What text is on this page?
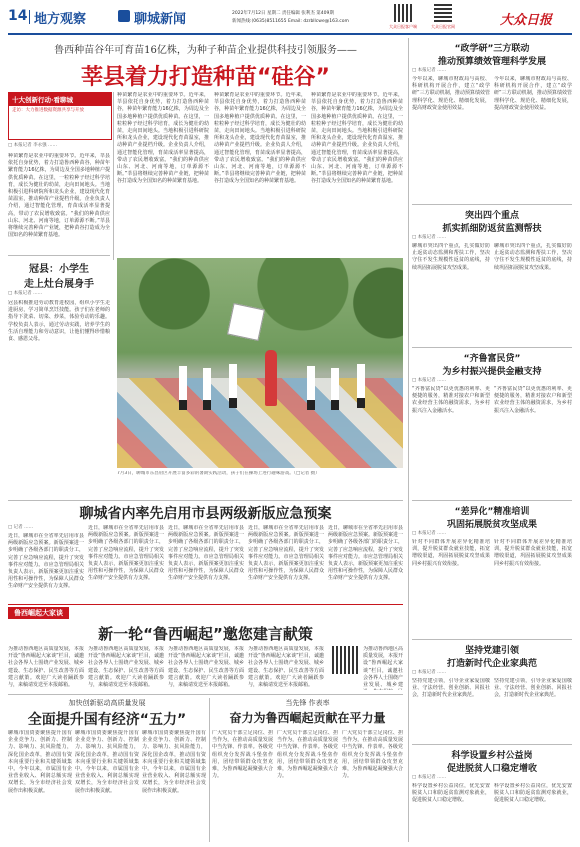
14 地方观察	聊城新闻	2022年7月12日 星期二 责任编辑 张利杰 第409期
新闻热线:(0635)8511655 Email: dzrbllcwe@163.com
大众日报客户端	大众日报官网	大众日报
鲁西种苗谷年可育苗16亿株，为种子种苗企业提供科技引领服务——
莘县着力打造种苗“硅谷”
十大创新行动·看聊城
走访：大力推进数据资源共享与开放
□ 本报记者 李永强 ……
种苗繁育是农业中的重要环节。近年来，莘县依托自身优势，着力打造鲁西种苗谷，种苗年繁育能力16亿株，为周边及全国多地种植户提供优质种苗。在这里，一粒粒种子经过科学培育，成长为健壮的幼苗，走向田间地头。当地积极引进科研院所和龙头企业，建设现代化育苗温室，推动种苗产业提档升级。企业负责人介绍，通过智能化管理，育苗成活率显著提高，带动了农民增收致富。“我们的种苗供应山东、河北、河南等地，订单源源不断。”莘县将继续完善种苗产业链，把种苗谷打造成为全国知名的种苗繁育基地。
种苗繁育是农业中的重要环节。近年来，莘县依托自身优势，着力打造鲁西种苗谷，种苗年繁育能力16亿株，为周边及全国多地种植户提供优质种苗。在这里，一粒粒种子经过科学培育，成长为健壮的幼苗，走向田间地头。当地积极引进科研院所和龙头企业，建设现代化育苗温室，推动种苗产业提档升级。企业负责人介绍，通过智能化管理，育苗成活率显著提高，带动了农民增收致富。“我们的种苗供应山东、河北、河南等地，订单源源不断。”莘县将继续完善种苗产业链，把种苗谷打造成为全国知名的种苗繁育基地。
种苗繁育是农业中的重要环节。近年来，莘县依托自身优势，着力打造鲁西种苗谷，种苗年繁育能力16亿株，为周边及全国多地种植户提供优质种苗。在这里，一粒粒种子经过科学培育，成长为健壮的幼苗，走向田间地头。当地积极引进科研院所和龙头企业，建设现代化育苗温室，推动种苗产业提档升级。企业负责人介绍，通过智能化管理，育苗成活率显著提高，带动了农民增收致富。“我们的种苗供应山东、河北、河南等地，订单源源不断。”莘县将继续完善种苗产业链，把种苗谷打造成为全国知名的种苗繁育基地。
种苗繁育是农业中的重要环节。近年来，莘县依托自身优势，着力打造鲁西种苗谷，种苗年繁育能力16亿株，为周边及全国多地种植户提供优质种苗。在这里，一粒粒种子经过科学培育，成长为健壮的幼苗，走向田间地头。当地积极引进科研院所和龙头企业，建设现代化育苗温室，推动种苗产业提档升级。企业负责人介绍，通过智能化管理，育苗成活率显著提高，带动了农民增收致富。“我们的种苗供应山东、河北、河南等地，订单源源不断。”莘县将继续完善种苗产业链，把种苗谷打造成为全国知名的种苗繁育基地。
冠县：小学生
走上灶台展身手
□ 本报记者 ……
冠县积极推进劳动教育进校园，组织小学生走进厨房，学习简单烹饪技能。孩子们在老师的指导下洗菜、切菜、炒菜，体验劳动的乐趣。学校负责人表示，通过劳动实践，培养学生的生活自理能力和劳动意识，让他们懂得珍惜粮食、感恩父母。
7月3日，聊城市东昌府区开展丰富多彩的暑期实践活动，孩子们在操场上进行趣味游戏。（□记者 摄）
聊城省内率先启用市县两级新版应急预案
□ 记者 ……
近日，聊城市在全省率先启用市县两级新版应急预案。新版预案进一步明确了各级各部门的职责分工，完善了应急响应流程，提升了突发事件应对能力。市应急管理局相关负责人表示，新版预案更加注重实用性和可操作性，为保障人民群众生命财产安全提供有力支撑。
近日，聊城市在全省率先启用市县两级新版应急预案。新版预案进一步明确了各级各部门的职责分工，完善了应急响应流程，提升了突发事件应对能力。市应急管理局相关负责人表示，新版预案更加注重实用性和可操作性，为保障人民群众生命财产安全提供有力支撑。
近日，聊城市在全省率先启用市县两级新版应急预案。新版预案进一步明确了各级各部门的职责分工，完善了应急响应流程，提升了突发事件应对能力。市应急管理局相关负责人表示，新版预案更加注重实用性和可操作性，为保障人民群众生命财产安全提供有力支撑。
近日，聊城市在全省率先启用市县两级新版应急预案。新版预案进一步明确了各级各部门的职责分工，完善了应急响应流程，提升了突发事件应对能力。市应急管理局相关负责人表示，新版预案更加注重实用性和可操作性，为保障人民群众生命财产安全提供有力支撑。
近日，聊城市在全省率先启用市县两级新版应急预案。新版预案进一步明确了各级各部门的职责分工，完善了应急响应流程，提升了突发事件应对能力。市应急管理局相关负责人表示，新版预案更加注重实用性和可操作性，为保障人民群众生命财产安全提供有力支撑。
鲁西崛起大家谈
新一轮“鲁西崛起”邀您建言献策
为推动鲁西地区高质量发展，本报开设“鲁西崛起大家谈”栏目，诚邀社会各界人士围绕产业发展、城乡建设、生态保护、民生改善等方面建言献策。欢迎广大读者踊跃参与，来稿请发送至本报邮箱。
为推动鲁西地区高质量发展，本报开设“鲁西崛起大家谈”栏目，诚邀社会各界人士围绕产业发展、城乡建设、生态保护、民生改善等方面建言献策。欢迎广大读者踊跃参与，来稿请发送至本报邮箱。
为推动鲁西地区高质量发展，本报开设“鲁西崛起大家谈”栏目，诚邀社会各界人士围绕产业发展、城乡建设、生态保护、民生改善等方面建言献策。欢迎广大读者踊跃参与，来稿请发送至本报邮箱。
为推动鲁西地区高质量发展，本报开设“鲁西崛起大家谈”栏目，诚邀社会各界人士围绕产业发展、城乡建设、生态保护、民生改善等方面建言献策。欢迎广大读者踊跃参与，来稿请发送至本报邮箱。
为推动鲁西地区高质量发展，本报开设“鲁西崛起大家谈”栏目，诚邀社会各界人士围绕产业发展、城乡建
加快创新驱动高质量发展
全面提升国有经济“五力”
聊城市国资委聚焦提升国有企业竞争力、创新力、控制力、影响力、抗风险能力，深化国企改革，推动国有资本向重要行业和关键领域集中。今年以来，市属国有企业营业收入、利润总额实现双增长，为全市经济社会发展作出积极贡献。
聊城市国资委聚焦提升国有企业竞争力、创新力、控制力、影响力、抗风险能力，深化国企改革，推动国有资本向重要行业和关键领域集中。今年以来，市属国有企业营业收入、利润总额实现双增长，为全市经济社会发展作出积极贡献。
聊城市国资委聚焦提升国有企业竞争力、创新力、控制力、影响力、抗风险能力，深化国企改革，推动国有资本向重要行业和关键领域集中。今年以来，市属国有企业营业收入、利润总额实现双增长，为全市经济社会发展作出积极贡献。
当先锋 作表率
奋力为鲁西崛起贡献在平力量
广大党员干部立足岗位、担当作为，在推动高质量发展中当先锋、作表率。各级党组织充分发挥战斗堡垒作用，团结带领群众攻坚克难，为鲁西崛起凝聚强大合力。
广大党员干部立足岗位、担当作为，在推动高质量发展中当先锋、作表率。各级党组织充分发挥战斗堡垒作用，团结带领群众攻坚克难，为鲁西崛起凝聚强大合力。
广大党员干部立足岗位、担当作为，在推动高质量发展中当先锋、作表率。各级党组织充分发挥战斗堡垒作用，团结带领群众攻坚克难，为鲁西崛起凝聚强大合力。
“政学研”三方联动
推动预算绩效管理科学发展
□ 本报记者 ……
今年以来，聊城市财政局与高校、科研机构开展合作，建立“政学研”三方联动机制，推动预算绩效管理科学化、规范化、精细化发展，提高财政资金使用效益。
今年以来，聊城市财政局与高校、科研机构开展合作，建立“政学研”三方联动机制，推动预算绩效管理科学化、规范化、精细化发展，提高财政资金使用效益。
突出四个重点
抓实抓细防返贫监测帮扶
□ 本报记者 ……
聊城市突出四个重点，扎实做好防止返贫动态监测和帮扶工作，坚决守住不发生规模性返贫的底线，持续巩固拓展脱贫攻坚成果。
聊城市突出四个重点，扎实做好防止返贫动态监测和帮扶工作，坚决守住不发生规模性返贫的底线，持续巩固拓展脱贫攻坚成果。
“齐鲁富民贷”
为乡村振兴提供金融支持
□ 本报记者 ……
“齐鲁富民贷”以更优惠的利率、更便捷的服务，精准对接农户和新型农业经营主体的融资需求，为乡村振兴注入金融活水。
“齐鲁富民贷”以更优惠的利率、更便捷的服务，精准对接农户和新型农业经营主体的融资需求，为乡村振兴注入金融活水。
“差异化”精准培训
巩固拓展脱贫攻坚成果
□ 本报记者 ……
针对不同群体开展差异化精准培训，提升脱贫群众就业技能，拓宽增收渠道，巩固拓展脱贫攻坚成果同乡村振兴有效衔接。
针对不同群体开展差异化精准培训，提升脱贫群众就业技能，拓宽增收渠道，巩固拓展脱贫攻坚成果同乡村振兴有效衔接。
坚持党建引领
打造新时代企业家典范
□ 本报记者 ……
坚持党建引领，引导企业家爱国敬业、守法经营、创业创新、回报社会，打造新时代企业家典范。
坚持党建引领，引导企业家爱国敬业、守法经营、创业创新、回报社会，打造新时代企业家典范。
科学设置乡村公益岗
促进脱贫人口稳定增收
□ 本报记者 ……
科学设置乡村公益岗位，优先安置脱贫人口和防返贫监测对象就业，促进脱贫人口稳定增收。
科学设置乡村公益岗位，优先安置脱贫人口和防返贫监测对象就业，促进脱贫人口稳定增收。
